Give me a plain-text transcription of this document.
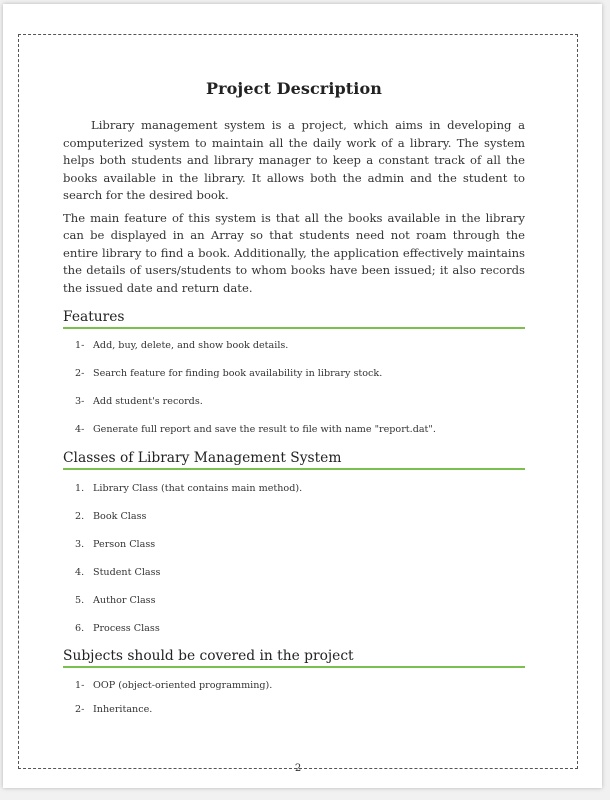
2
Project Description

Library management system is a project, which aims in developing a computerized system to maintain all the daily work of a library. The system helps both students and library manager to keep a constant track of all the books available in the library. It allows both the admin and the student to search for the desired book.

The main feature of this system is that all the books available in the library can be displayed in an Array so that students need not roam through the entire library to find a book. Additionally, the application effectively maintains the details of users/students to whom books have been issued; it also records the issued date and return date.

Features
1- Add, buy, delete, and show book details.
2- Search feature for finding book availability in library stock.
3- Add student's records.
4- Generate full report and save the result to file with name "report.dat".
Classes of Library Management System
1. Library Class (that contains main method).
2. Book Class
3. Person Class
4. Student Class
5. Author Class
6. Process Class
Subjects should be covered in the project
1- OOP (object-oriented programming).
2- Inheritance.
